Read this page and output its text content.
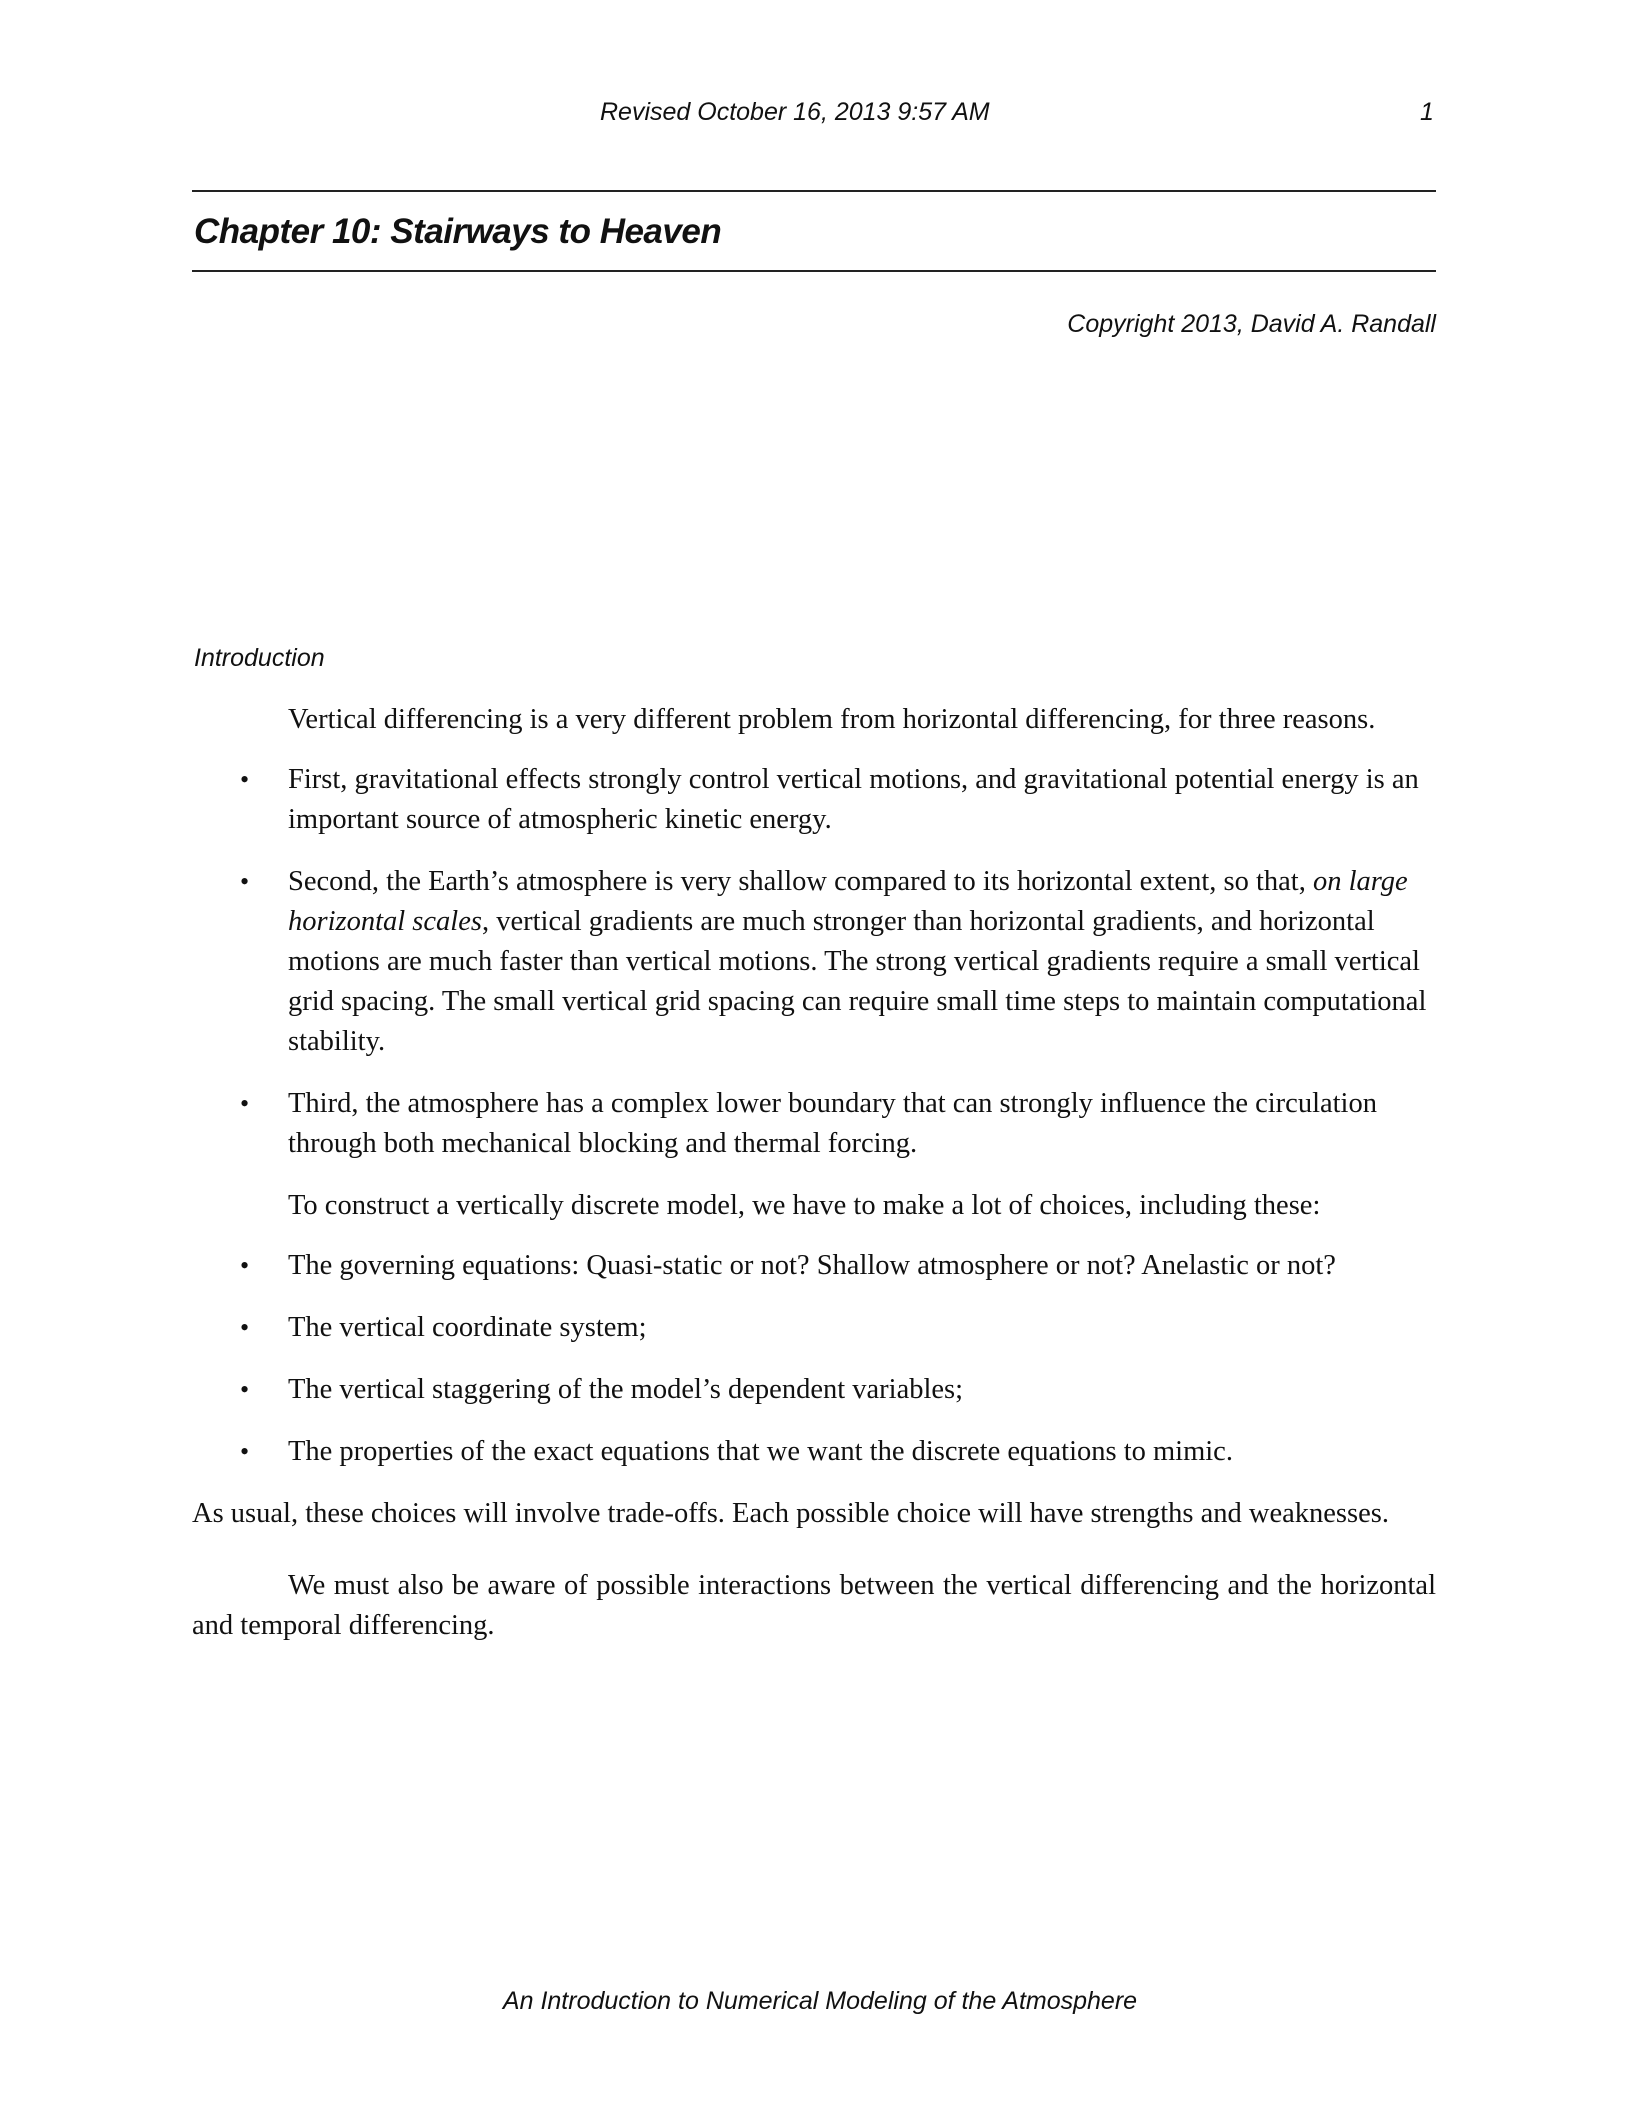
Revised October 16, 2013 9:57 AM	1
Chapter 10: Stairways to Heaven
Copyright 2013, David A. Randall
Introduction

Vertical differencing is a very different problem from horizontal differencing, for three reasons.

• First, gravitational effects strongly control vertical motions, and gravitational potential energy is an important source of atmospheric kinetic energy.
• Second, the Earth’s atmosphere is very shallow compared to its horizontal extent, so that, on large horizontal scales, vertical gradients are much stronger than horizontal gradients, and horizontal motions are much faster than vertical motions. The strong vertical gradients require a small vertical grid spacing. The small vertical grid spacing can require small time steps to maintain computational stability.
• Third, the atmosphere has a complex lower boundary that can strongly influence the circulation through both mechanical blocking and thermal forcing.

To construct a vertically discrete model, we have to make a lot of choices, including these:

• The governing equations: Quasi-static or not? Shallow atmosphere or not? Anelastic or not?
• The vertical coordinate system;
• The vertical staggering of the model’s dependent variables;
• The properties of the exact equations that we want the discrete equations to mimic.

As usual, these choices will involve trade-offs. Each possible choice will have strengths and weaknesses.

We must also be aware of possible interactions between the vertical differencing and the horizontal and temporal differencing.

An Introduction to Numerical Modeling of the Atmosphere
